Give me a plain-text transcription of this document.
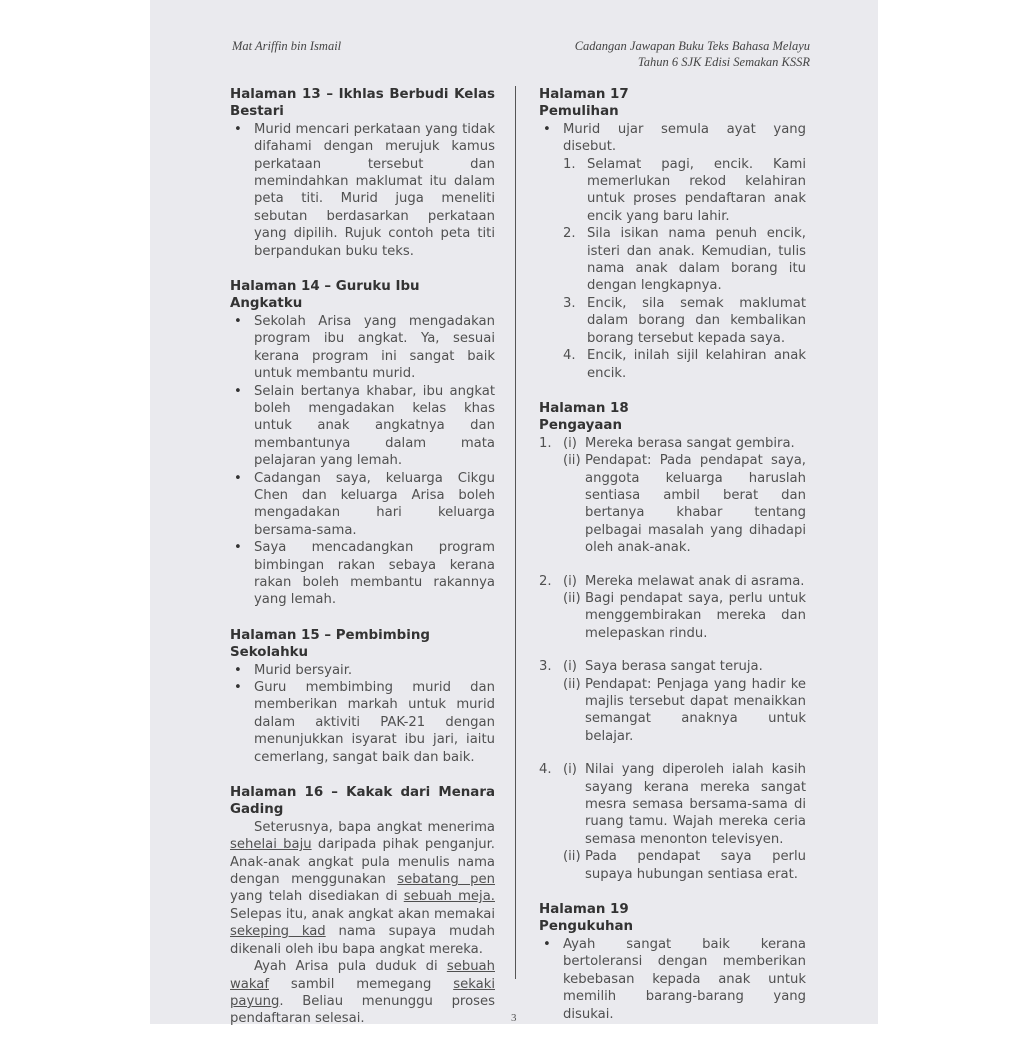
Mat Ariffin bin Ismail	Cadangan Jawapan Buku Teks Bahasa Melayu
Tahun 6 SJK Edisi Semakan KSSR
Halaman 13 – Ikhlas Berbudi Kelas Bestari
• Murid mencari perkataan yang tidak difahami dengan merujuk kamus perkataan tersebut dan memindahkan maklumat itu dalam peta titi. Murid juga meneliti sebutan berdasarkan perkataan yang dipilih. Rujuk contoh peta titi berpandukan buku teks.
Halaman 14 – Guruku Ibu Angkatku
• Sekolah Arisa yang mengadakan program ibu angkat. Ya, sesuai kerana program ini sangat baik untuk membantu murid.
• Selain bertanya khabar, ibu angkat boleh mengadakan kelas khas untuk anak angkatnya dan membantunya dalam mata pelajaran yang lemah.
• Cadangan saya, keluarga Cikgu Chen dan keluarga Arisa boleh mengadakan hari keluarga bersama-sama.
• Saya mencadangkan program bimbingan rakan sebaya kerana rakan boleh membantu rakannya yang lemah.
Halaman 15 – Pembimbing Sekolahku
• Murid bersyair.
• Guru membimbing murid dan memberikan markah untuk murid dalam aktiviti PAK-21 dengan menunjukkan isyarat ibu jari, iaitu cemerlang, sangat baik dan baik.
Halaman 16 – Kakak dari Menara Gading

Seterusnya, bapa angkat menerima sehelai baju daripada pihak penganjur. Anak-anak angkat pula menulis nama dengan menggunakan sebatang pen yang telah disediakan di sebuah meja. Selepas itu, anak angkat akan memakai sekeping kad nama supaya mudah dikenali oleh ibu bapa angkat mereka.

Ayah Arisa pula duduk di sebuah wakaf sambil memegang sekaki payung. Beliau menunggu proses pendaftaran selesai.

Halaman 17
Pemulihan
• Murid ujar semula ayat yang disebut.
1. Selamat pagi, encik. Kami memerlukan rekod kelahiran untuk proses pendaftaran anak encik yang baru lahir.
2. Sila isikan nama penuh encik, isteri dan anak. Kemudian, tulis nama anak dalam borang itu dengan lengkapnya.
3. Encik, sila semak maklumat dalam borang dan kembalikan borang tersebut kepada saya.
4. Encik, inilah sijil kelahiran anak encik.
Halaman 18
Pengayaan
1. (i) Mereka berasa sangat gembira.
(ii) Pendapat: Pada pendapat saya, anggota keluarga haruslah sentiasa ambil berat dan bertanya khabar tentang pelbagai masalah yang dihadapi oleh anak-anak.
2. (i) Mereka melawat anak di asrama.
(ii) Bagi pendapat saya, perlu untuk menggembirakan mereka dan melepaskan rindu.
3. (i) Saya berasa sangat teruja.
(ii) Pendapat: Penjaga yang hadir ke majlis tersebut dapat menaikkan semangat anaknya untuk belajar.
4. (i) Nilai yang diperoleh ialah kasih sayang kerana mereka sangat mesra semasa bersama-sama di ruang tamu. Wajah mereka ceria semasa menonton televisyen.
(ii) Pada pendapat saya perlu supaya hubungan sentiasa erat.
Halaman 19
Pengukuhan
• Ayah sangat baik kerana bertoleransi dengan memberikan kebebasan kepada anak untuk memilih barang-barang yang disukai.
3
